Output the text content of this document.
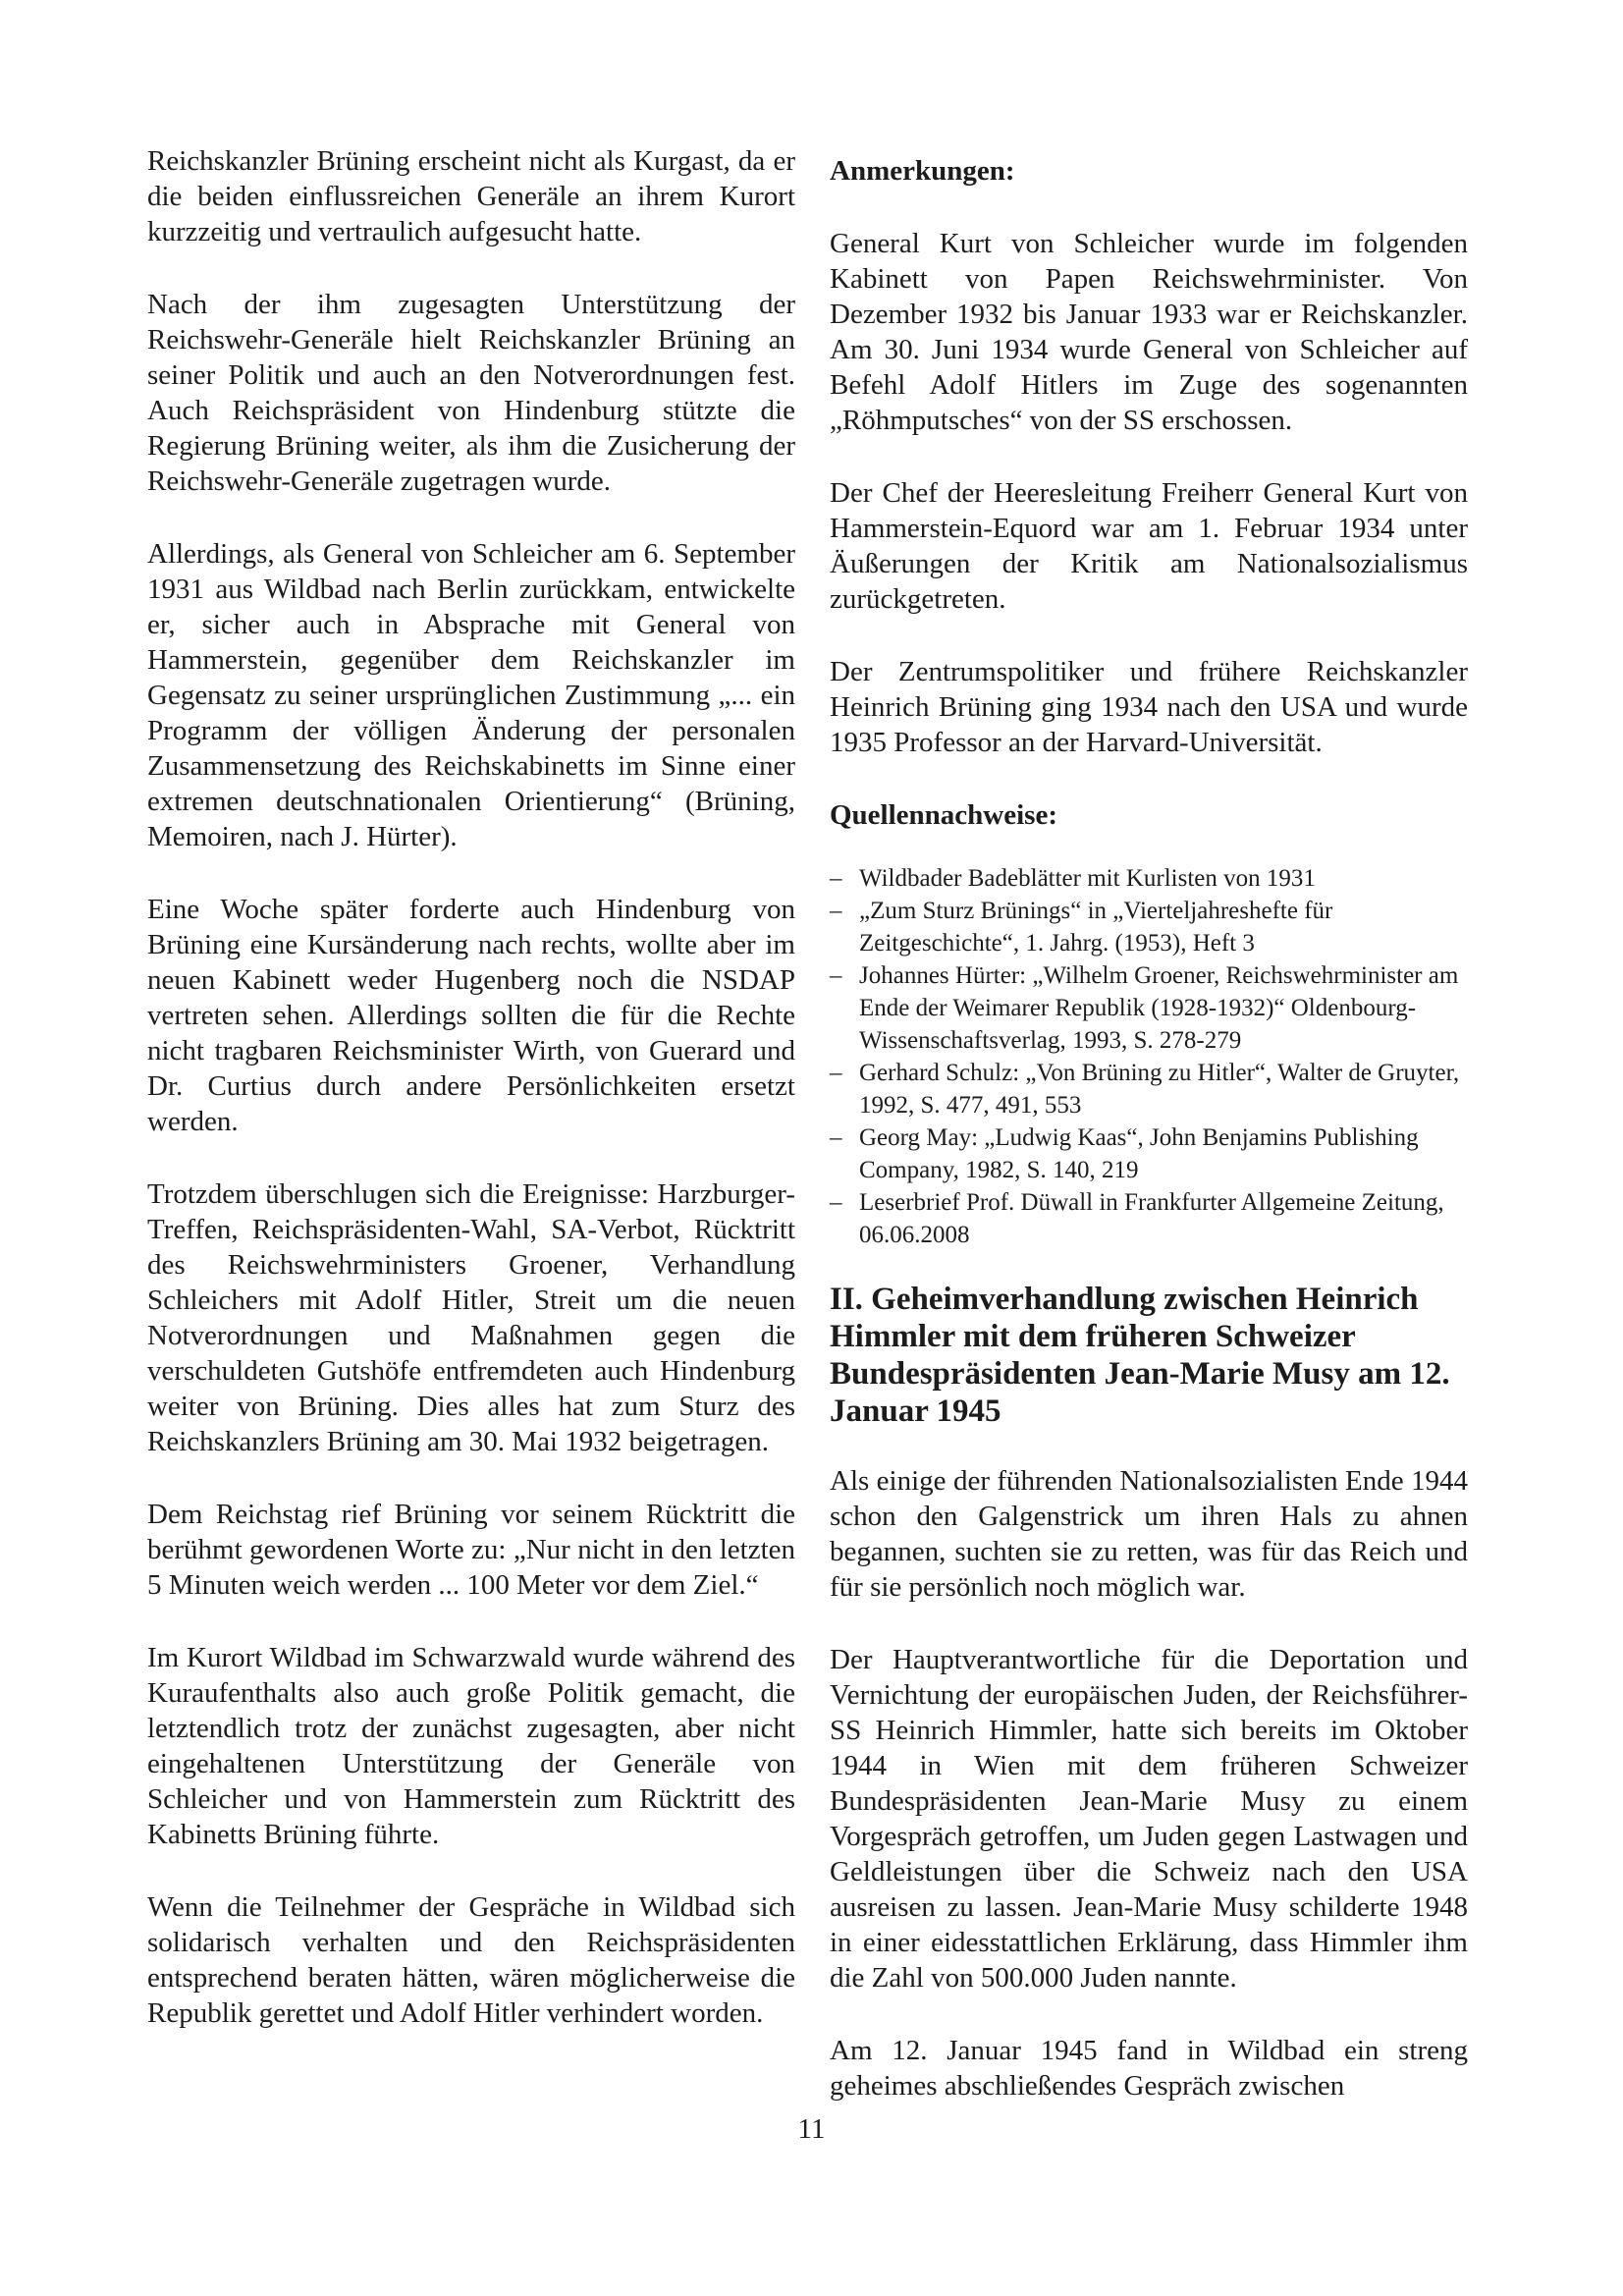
Reichskanzler Brüning erscheint nicht als Kurgast, da er die beiden einflussreichen Generäle an ihrem Kurort kurzzeitig und vertraulich aufgesucht hatte.

Nach der ihm zugesagten Unterstützung der Reichswehr-Generäle hielt Reichskanzler Brüning an seiner Politik und auch an den Notverordnungen fest. Auch Reichspräsident von Hindenburg stützte die Regierung Brüning weiter, als ihm die Zusicherung der Reichswehr-Generäle zugetragen wurde.

Allerdings, als General von Schleicher am 6. September 1931 aus Wildbad nach Berlin zurückkam, entwickelte er, sicher auch in Absprache mit General von Hammerstein, gegenüber dem Reichskanzler im Gegensatz zu seiner ursprünglichen Zustimmung „... ein Programm der völligen Änderung der personalen Zusammensetzung des Reichskabinetts im Sinne einer extremen deutschnationalen Orientierung“ (Brüning, Memoiren, nach J. Hürter).

Eine Woche später forderte auch Hindenburg von Brüning eine Kursänderung nach rechts, wollte aber im neuen Kabinett weder Hugenberg noch die NSDAP vertreten sehen. Allerdings sollten die für die Rechte nicht tragbaren Reichsminister Wirth, von Guerard und Dr. Curtius durch andere Persönlichkeiten ersetzt werden.

Trotzdem überschlugen sich die Ereignisse: Harzburger-Treffen, Reichspräsidenten-Wahl, SA-Verbot, Rücktritt des Reichswehrministers Groener, Verhandlung Schleichers mit Adolf Hitler, Streit um die neuen Notverordnungen und Maßnahmen gegen die verschuldeten Gutshöfe entfremdeten auch Hindenburg weiter von Brüning. Dies alles hat zum Sturz des Reichskanzlers Brüning am 30. Mai 1932 beigetragen.

Dem Reichstag rief Brüning vor seinem Rücktritt die berühmt gewordenen Worte zu: „Nur nicht in den letzten 5 Minuten weich werden ... 100 Meter vor dem Ziel.“

Im Kurort Wildbad im Schwarzwald wurde während des Kuraufenthalts also auch große Politik gemacht, die letztendlich trotz der zunächst zugesagten, aber nicht eingehaltenen Unterstützung der Generäle von Schleicher und von Hammerstein zum Rücktritt des Kabinetts Brüning führte.

Wenn die Teilnehmer der Gespräche in Wildbad sich solidarisch verhalten und den Reichspräsidenten entsprechend beraten hätten, wären möglicherweise die Republik gerettet und Adolf Hitler verhindert worden.

Anmerkungen:

General Kurt von Schleicher wurde im folgenden Kabinett von Papen Reichswehrminister. Von Dezember 1932 bis Januar 1933 war er Reichskanzler. Am 30. Juni 1934 wurde General von Schleicher auf Befehl Adolf Hitlers im Zuge des sogenannten „Röhmputsches“ von der SS erschossen.

Der Chef der Heeresleitung Freiherr General Kurt von Hammerstein-Equord war am 1. Februar 1934 unter Äußerungen der Kritik am Nationalsozialismus zurückgetreten.

Der Zentrumspolitiker und frühere Reichskanzler Heinrich Brüning ging 1934 nach den USA und wurde 1935 Professor an der Harvard-Universität.

Quellennachweise:
– Wildbader Badeblätter mit Kurlisten von 1931
– „Zum Sturz Brünings“ in „Vierteljahreshefte für Zeitgeschichte“, 1. Jahrg. (1953), Heft 3
– Johannes Hürter: „Wilhelm Groener, Reichswehrminister am Ende der Weimarer Republik (1928-1932)“ Oldenbourg-Wissenschaftsverlag, 1993, S. 278-279
– Gerhard Schulz: „Von Brüning zu Hitler“, Walter de Gruyter, 1992, S. 477, 491, 553
– Georg May: „Ludwig Kaas“, John Benjamins Publishing Company, 1982, S. 140, 219
– Leserbrief Prof. Düwall in Frankfurter Allgemeine Zeitung, 06.06.2008
II. Geheimverhandlung zwischen Heinrich Himmler mit dem früheren Schweizer Bundespräsidenten Jean-Marie Musy am 12. Januar 1945

Als einige der führenden Nationalsozialisten Ende 1944 schon den Galgenstrick um ihren Hals zu ahnen begannen, suchten sie zu retten, was für das Reich und für sie persönlich noch möglich war.

Der Hauptverantwortliche für die Deportation und Vernichtung der europäischen Juden, der Reichsführer-SS Heinrich Himmler, hatte sich bereits im Oktober 1944 in Wien mit dem früheren Schweizer Bundespräsidenten Jean-Marie Musy zu einem Vorgespräch getroffen, um Juden gegen Lastwagen und Geldleistungen über die Schweiz nach den USA ausreisen zu lassen. Jean-Marie Musy schilderte 1948 in einer eidesstattlichen Erklärung, dass Himmler ihm die Zahl von 500.000 Juden nannte.

Am 12. Januar 1945 fand in Wildbad ein streng geheimes abschließendes Gespräch zwischen

11
